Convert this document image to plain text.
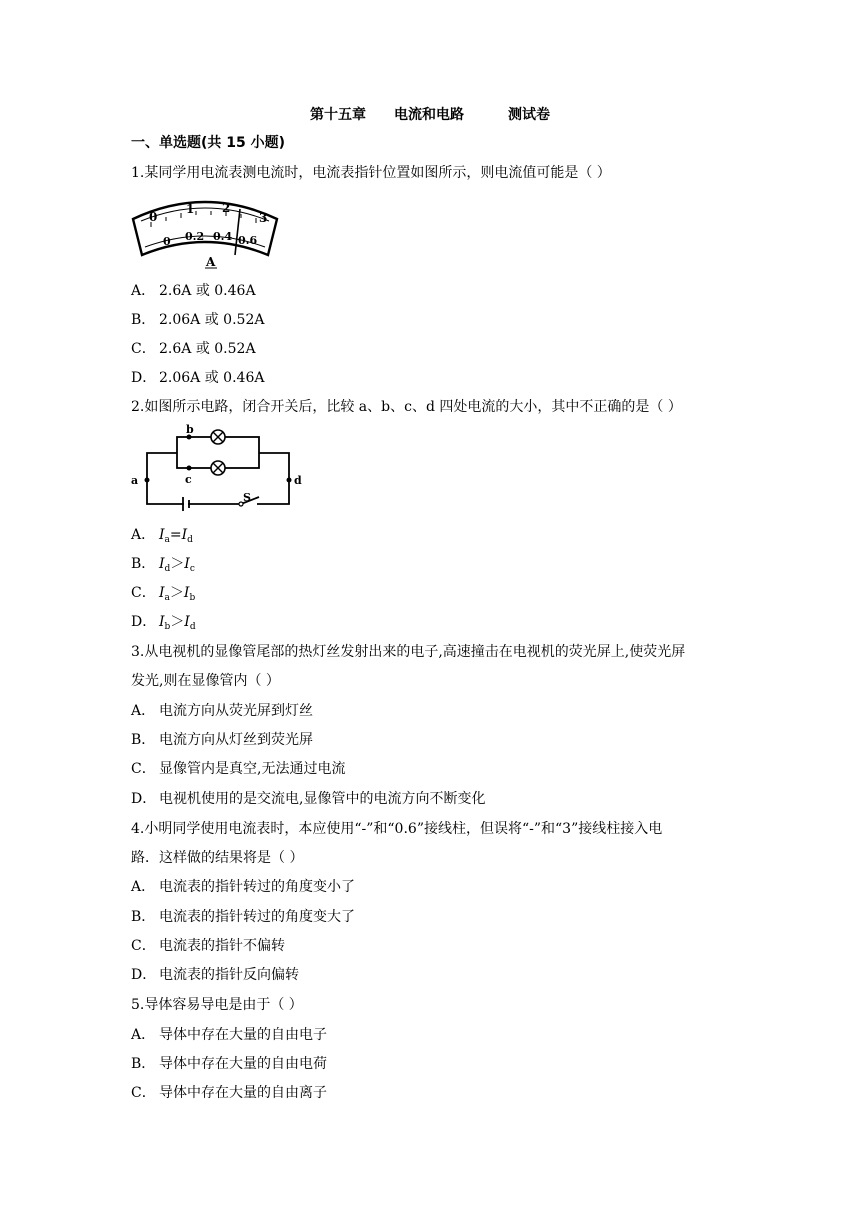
第十五章 电流和电路	测试卷
一、单选题(共 15 小题)
1.某同学用电流表测电流时，电流表指针位置如图所示，则电流值可能是（ ）
0
1 2
3
0 0.2 0.4 0.6
A
A． 2.6A 或 0.46A
B． 2.06A 或 0.52A
C． 2.6A 或 0.52A
D． 2.06A 或 0.46A
2.如图所示电路，闭合开关后，比较 a、b、c、d 四处电流的大小，其中不正确的是（ ）
a	d
b
c
S
A． $I_a=I_d$
B． $I_d>I_c$
C． $I_a>I_b$
D． $I_b>I_d$
3.从电视机的显像管尾部的热灯丝发射出来的电子,高速撞击在电视机的荧光屏上,使荧光屏
发光,则在显像管内（ ）
A． 电流方向从荧光屏到灯丝
B． 电流方向从灯丝到荧光屏
C． 显像管内是真空,无法通过电流
D． 电视机使用的是交流电,显像管中的电流方向不断变化
4.小明同学使用电流表时，本应使用“-”和“0.6”接线柱，但误将“-”和“3”接线柱接入电
路．这样做的结果将是（ ）
A． 电流表的指针转过的角度变小了
B． 电流表的指针转过的角度变大了
C． 电流表的指针不偏转
D． 电流表的指针反向偏转
5.导体容易导电是由于（ ）
A． 导体中存在大量的自由电子
B． 导体中存在大量的自由电荷
C． 导体中存在大量的自由离子
